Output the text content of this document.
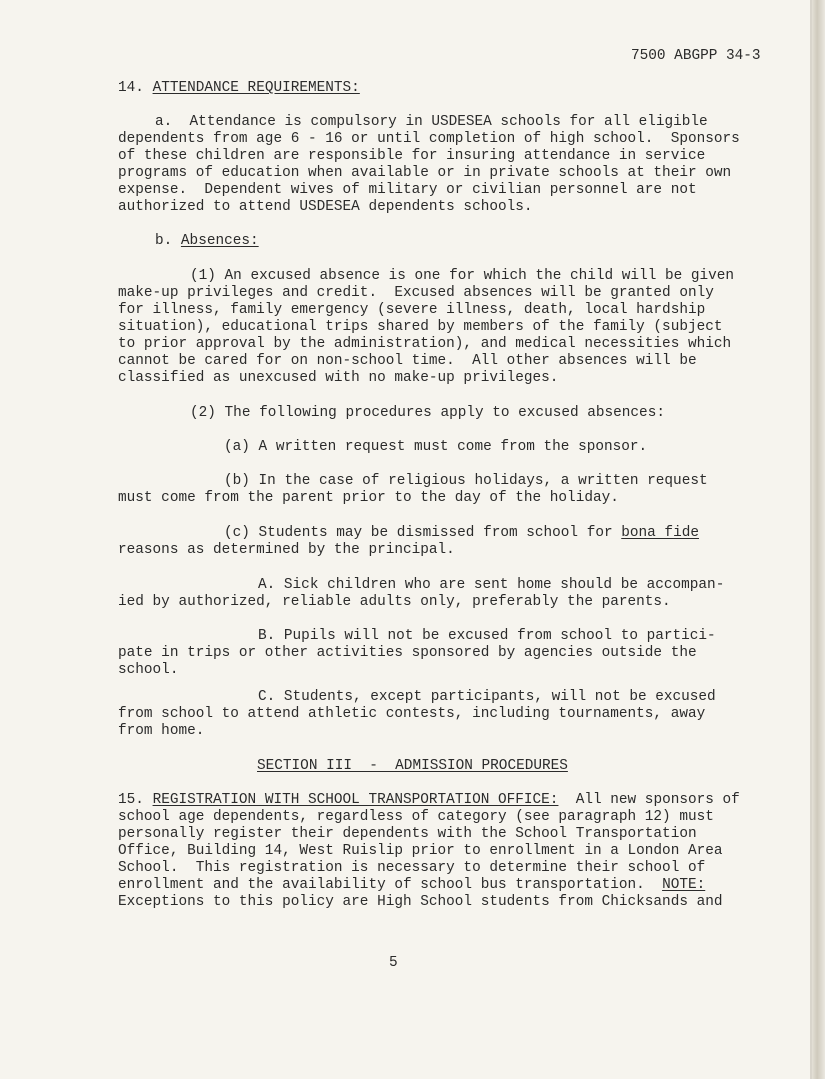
7500 ABGPP 34-3
14. ATTENDANCE REQUIREMENTS:
a.  Attendance is compulsory in USDESEA schools for all eligible
dependents from age 6 - 16 or until completion of high school.  Sponsors
of these children are responsible for insuring attendance in service
programs of education when available or in private schools at their own
expense.  Dependent wives of military or civilian personnel are not
authorized to attend USDESEA dependents schools.
b. Absences:
(1) An excused absence is one for which the child will be given
make-up privileges and credit.  Excused absences will be granted only
for illness, family emergency (severe illness, death, local hardship
situation), educational trips shared by members of the family (subject
to prior approval by the administration), and medical necessities which
cannot be cared for on non-school time.  All other absences will be
classified as unexcused with no make-up privileges.
(2) The following procedures apply to excused absences:
(a) A written request must come from the sponsor.
(b) In the case of religious holidays, a written request
must come from the parent prior to the day of the holiday.
(c) Students may be dismissed from school for bona fide
reasons as determined by the principal.
A. Sick children who are sent home should be accompan-
ied by authorized, reliable adults only, preferably the parents.
B. Pupils will not be excused from school to partici-
pate in trips or other activities sponsored by agencies outside the
school.
C. Students, except participants, will not be excused
from school to attend athletic contests, including tournaments, away
from home.
SECTION III  -  ADMISSION PROCEDURES
15. REGISTRATION WITH SCHOOL TRANSPORTATION OFFICE:  All new sponsors of
school age dependents, regardless of category (see paragraph 12) must
personally register their dependents with the School Transportation
Office, Building 14, West Ruislip prior to enrollment in a London Area
School.  This registration is necessary to determine their school of
enrollment and the availability of school bus transportation.  NOTE:
Exceptions to this policy are High School students from Chicksands and
5
